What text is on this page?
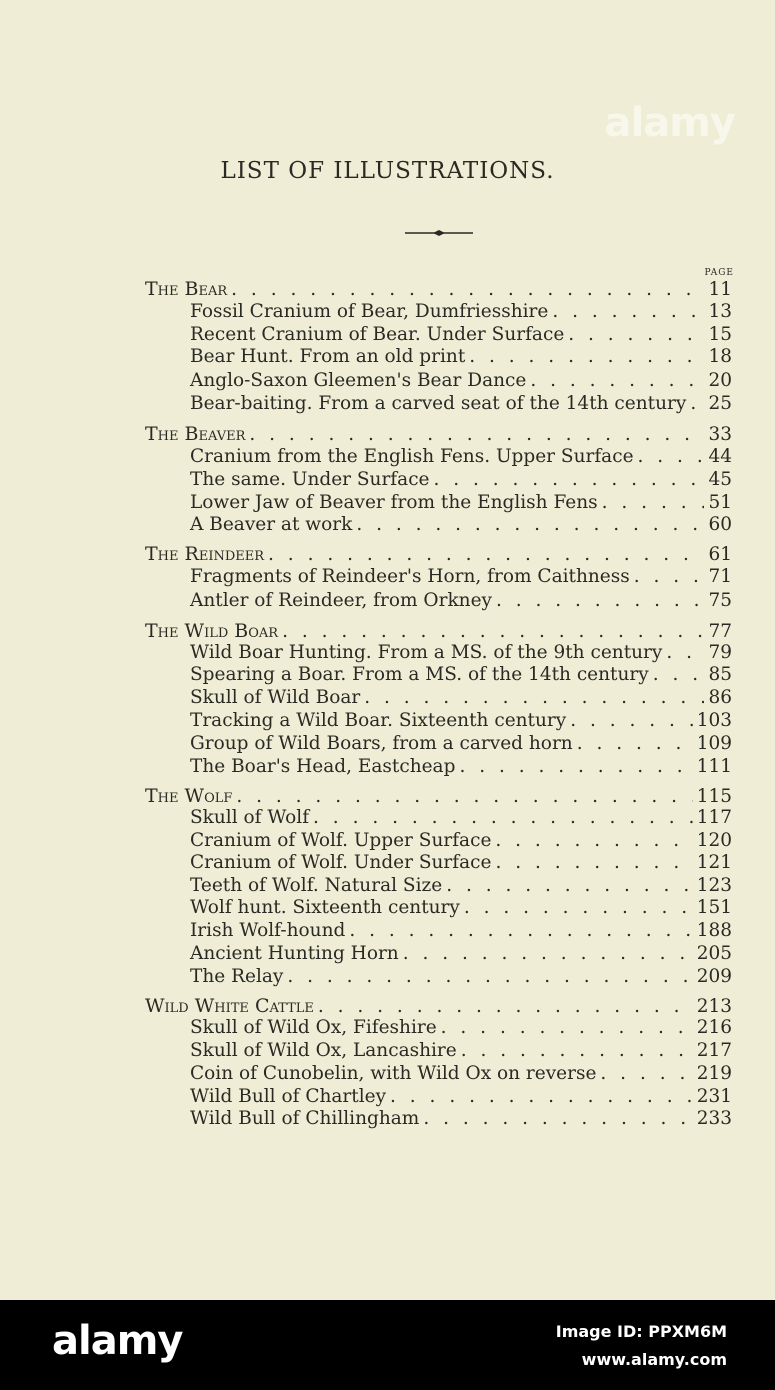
LIST OF ILLUSTRATIONS.
PAGE
The Bear . . .	11
Fossil Cranium of Bear, Dumfriesshire . . .	13
Recent Cranium of Bear. Under Surface . . .	15
Bear Hunt. From an old print . . .	18
Anglo-Saxon Gleemen's Bear Dance . . .	20
Bear-baiting. From a carved seat of the 14th century . . . 25
The Beaver . . .	33
Cranium from the English Fens. Upper Surface . . .	44
The same. Under Surface . . .	45
Lower Jaw of Beaver from the English Fens . . .	51
A Beaver at work . . .	60
The Reindeer . . .	61
Fragments of Reindeer's Horn, from Caithness . . .	71
Antler of Reindeer, from Orkney . . .	75
The Wild Boar . . .	77
Wild Boar Hunting. From a MS. of the 9th century . . . 79
Spearing a Boar. From a MS. of the 14th century . . .	85
Skull of Wild Boar . . .	86
Tracking a Wild Boar. Sixteenth century . . .	103
Group of Wild Boars, from a carved horn . . .	109
The Boar's Head, Eastcheap . . .	111
The Wolf . . .	115
Skull of Wolf . . .	117
Cranium of Wolf. Upper Surface . . .	120
Cranium of Wolf. Under Surface . . .	121
Teeth of Wolf. Natural Size . . .	123
Wolf hunt. Sixteenth century . . .	151
Irish Wolf-hound . . .	188
Ancient Hunting Horn . . .	205
The Relay . . .	209
Wild White Cattle . . .	213
Skull of Wild Ox, Fifeshire . . .	216
Skull of Wild Ox, Lancashire . . .	217
Coin of Cunobelin, with Wild Ox on reverse . . .	219
Wild Bull of Chartley . . .	231
Wild Bull of Chillingham . . .	233
alamy
alamy	Image ID: PPXM6M
www.alamy.com
